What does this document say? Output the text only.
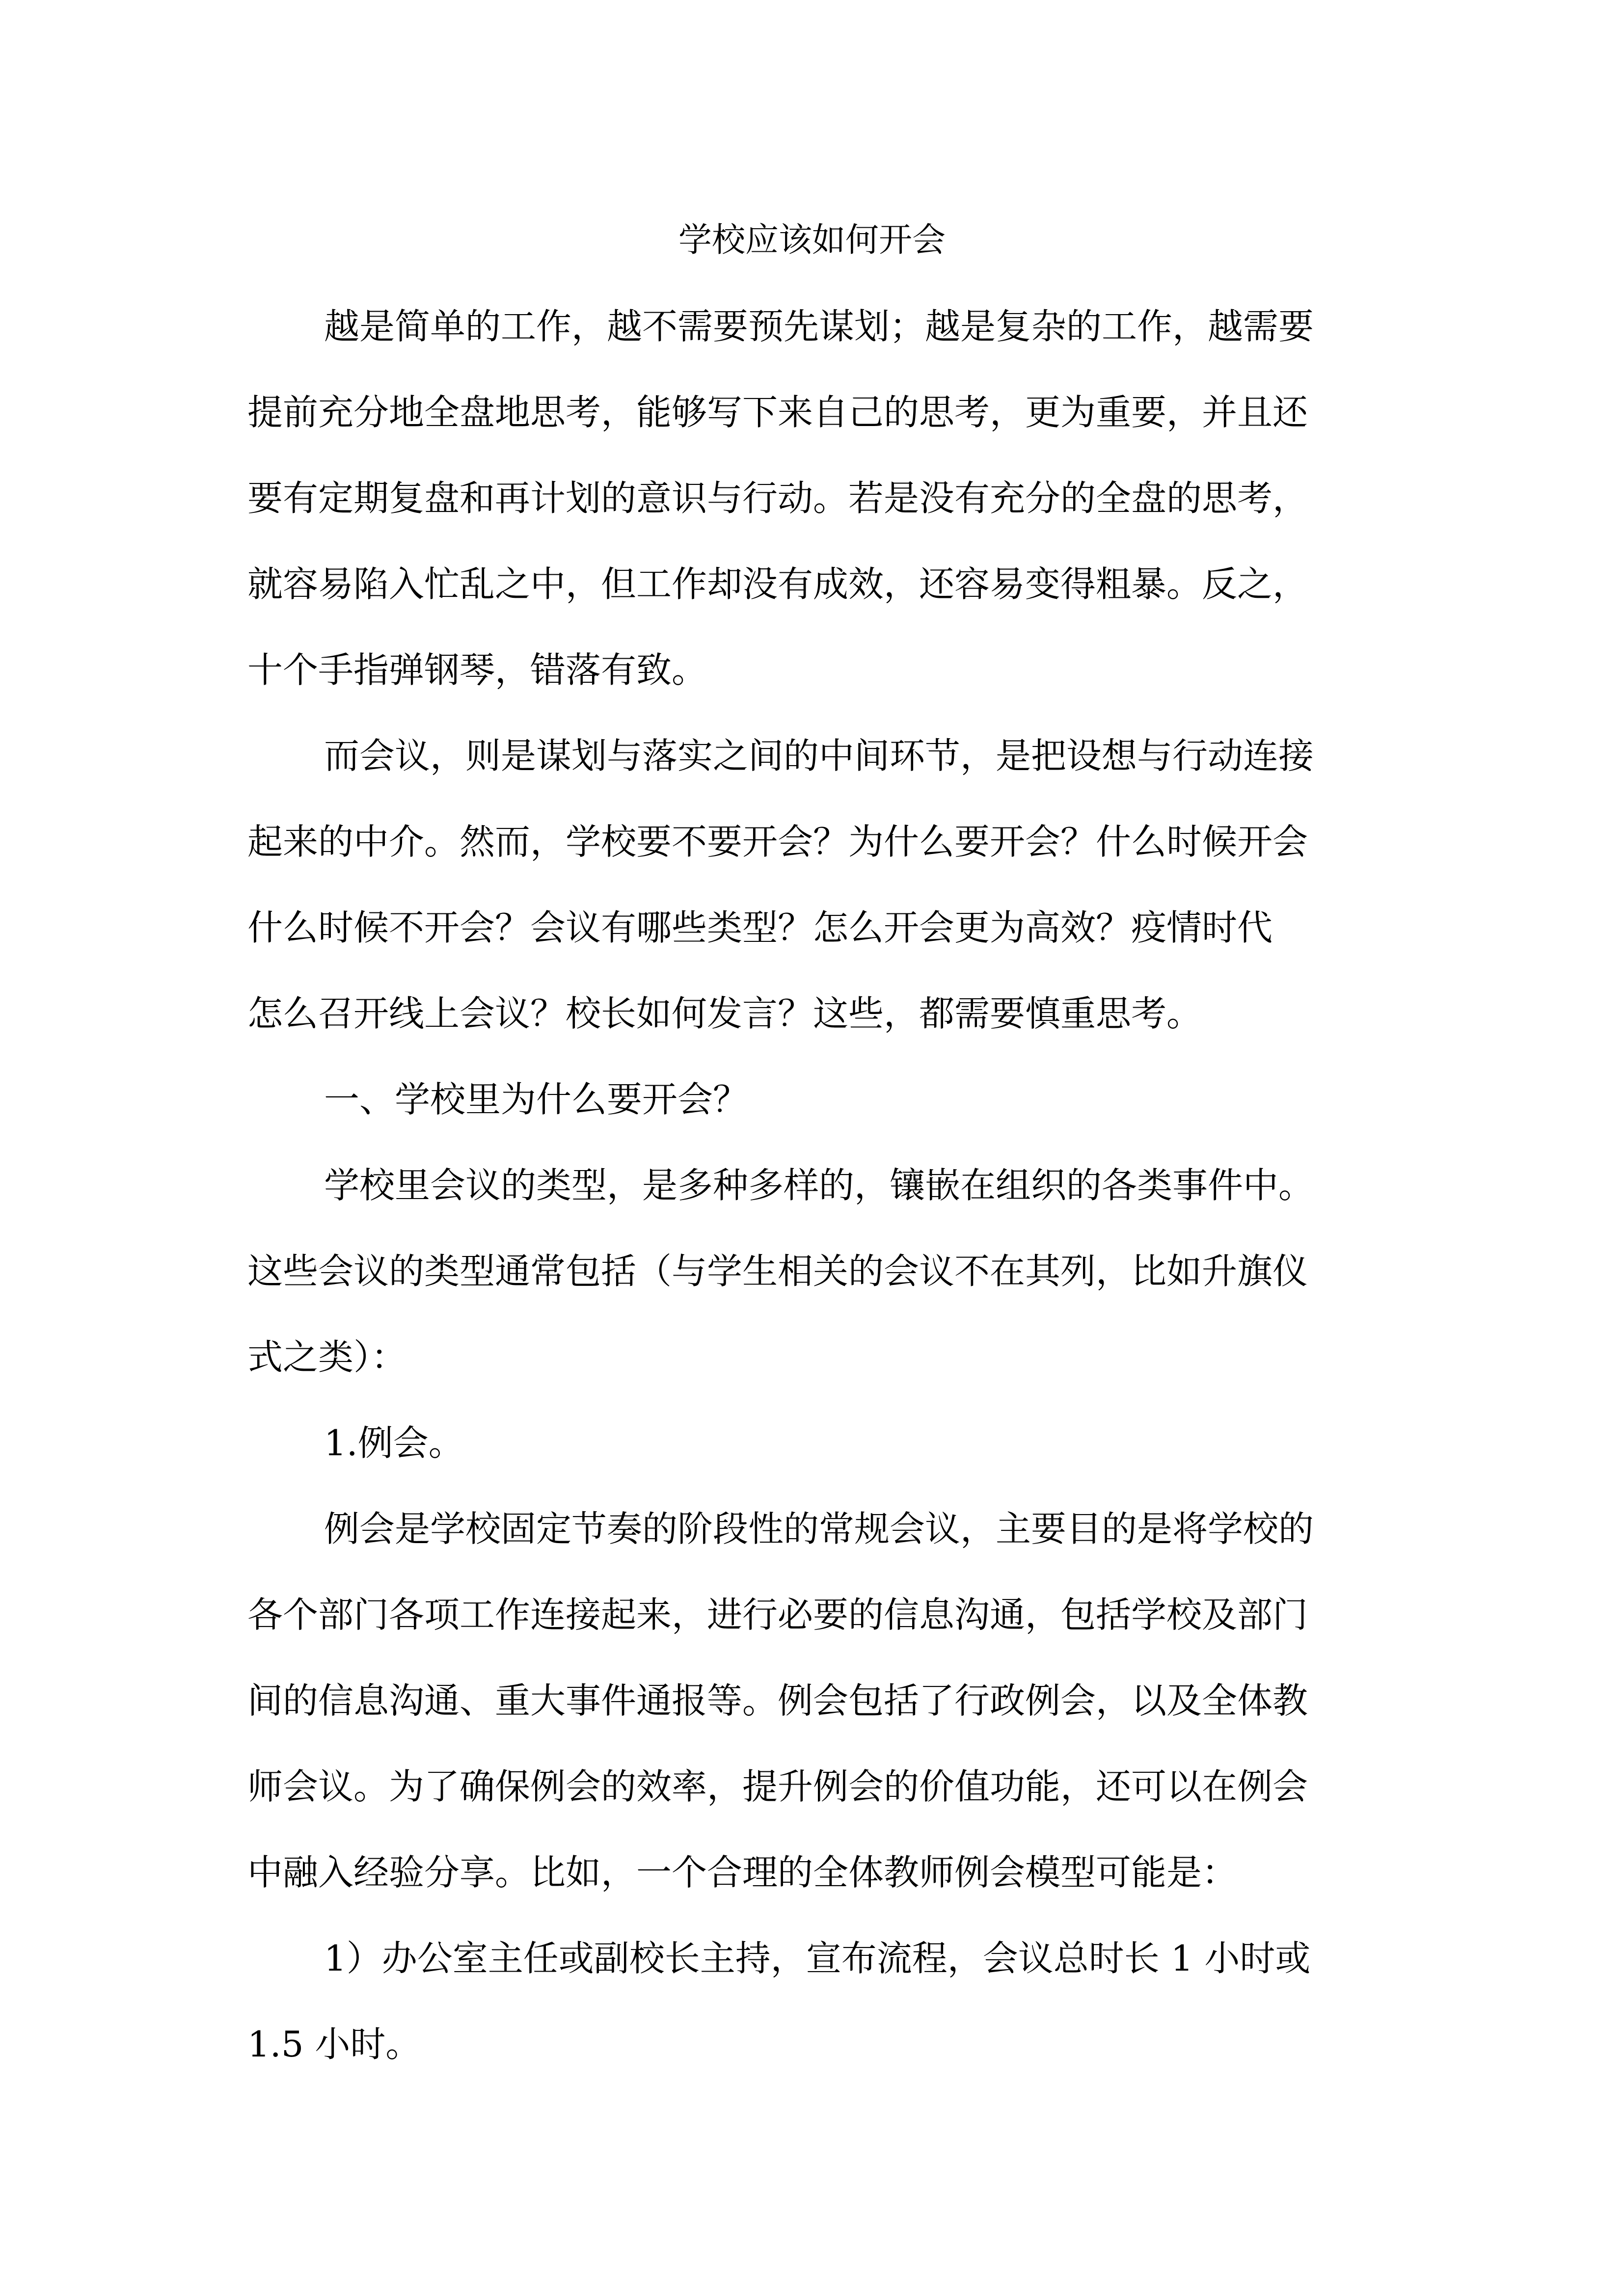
学校应该如何开会
越是简单的工作，越不需要预先谋划；越是复杂的工作，越需要
提前充分地全盘地思考，能够写下来自己的思考，更为重要，并且还
要有定期复盘和再计划的意识与行动。若是没有充分的全盘的思考，
就容易陷入忙乱之中，但工作却没有成效，还容易变得粗暴。反之，
十个手指弹钢琴，错落有致。
而会议，则是谋划与落实之间的中间环节，是把设想与行动连接
起来的中介。然而，学校要不要开会？为什么要开会？什么时候开会
什么时候不开会？会议有哪些类型？怎么开会更为高效？疫情时代
怎么召开线上会议？校长如何发言？这些，都需要慎重思考。
一、学校里为什么要开会？
学校里会议的类型，是多种多样的，镶嵌在组织的各类事件中。
这些会议的类型通常包括（与学生相关的会议不在其列，比如升旗仪
式之类）：
1.例会。
例会是学校固定节奏的阶段性的常规会议，主要目的是将学校的
各个部门各项工作连接起来，进行必要的信息沟通，包括学校及部门
间的信息沟通、重大事件通报等。例会包括了行政例会，以及全体教
师会议。为了确保例会的效率，提升例会的价值功能，还可以在例会
中融入经验分享。比如，一个合理的全体教师例会模型可能是：
1）办公室主任或副校长主持，宣布流程，会议总时长 1 小时或
1.5 小时。
